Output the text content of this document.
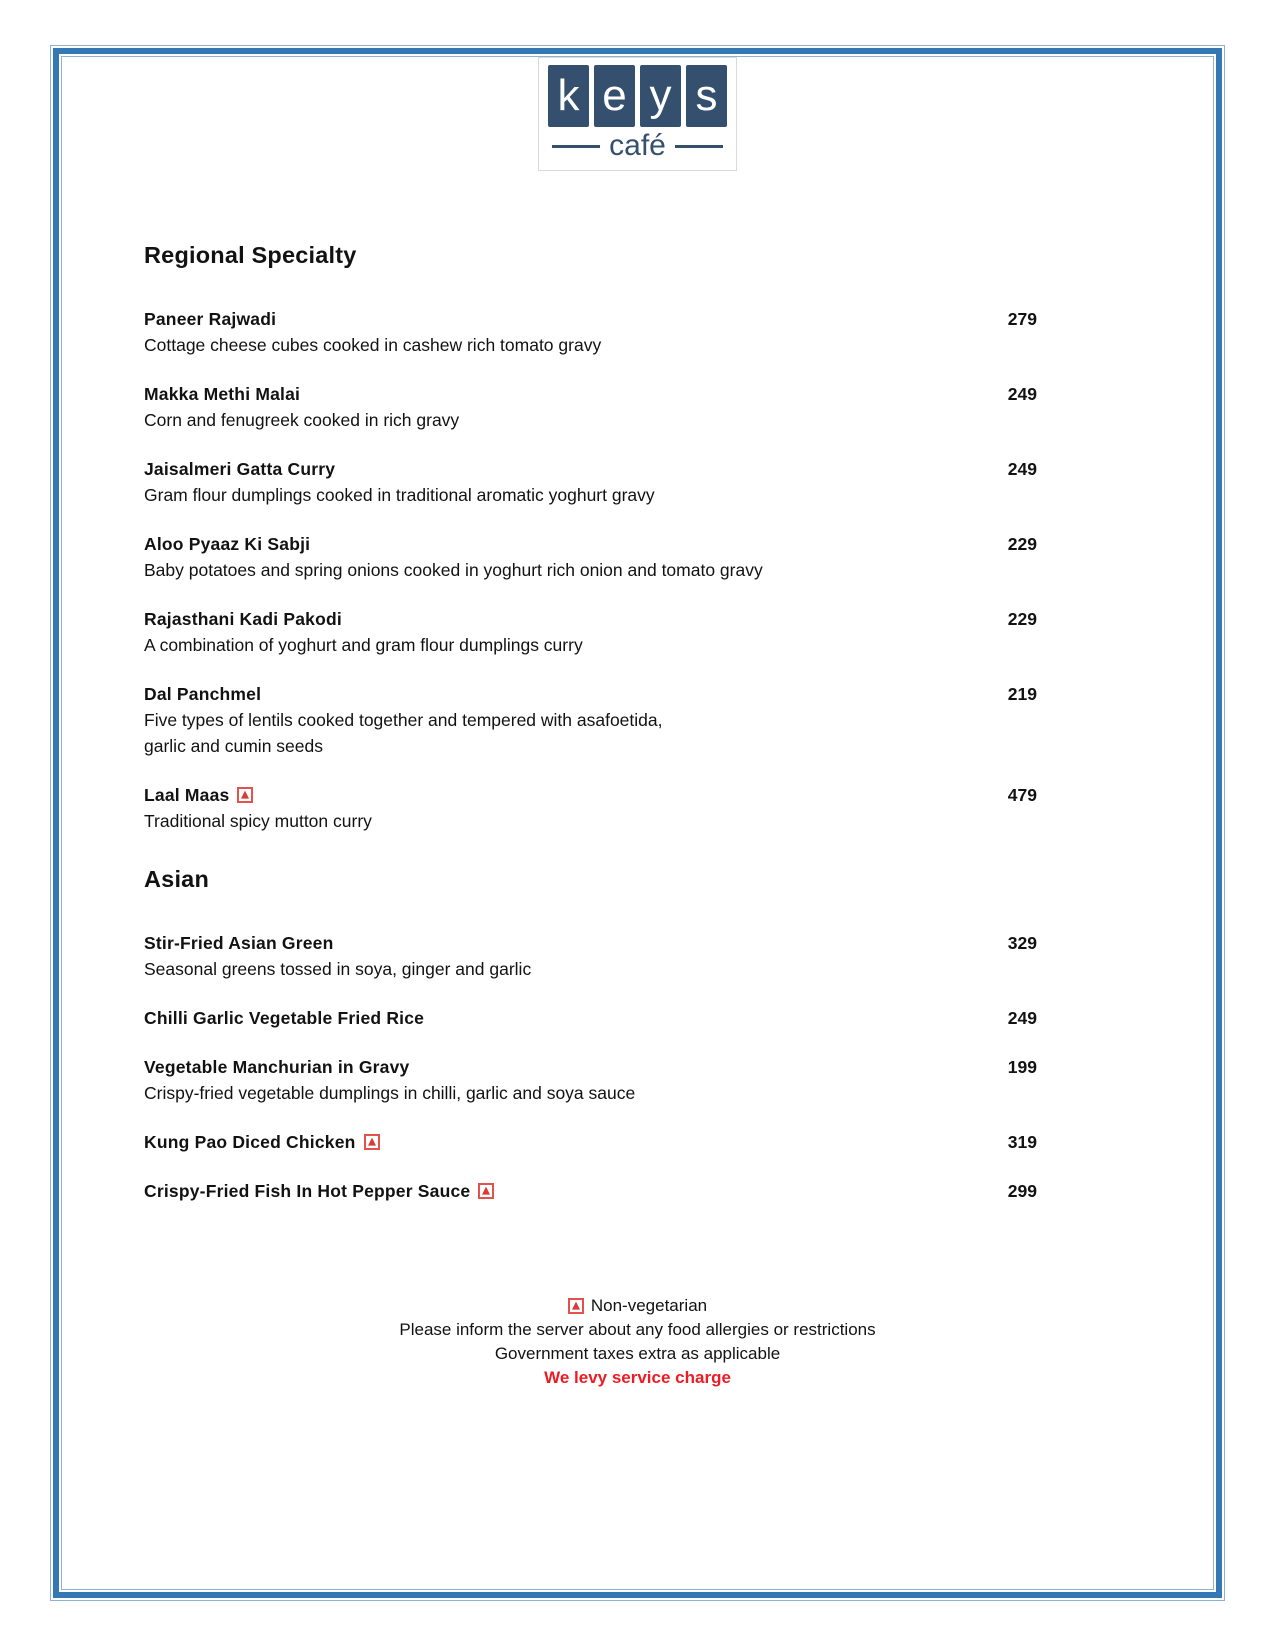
k e y s
café
Regional Specialty
Paneer Rajwadi	279
Cottage cheese cubes cooked in cashew rich tomato gravy
Makka Methi Malai	249
Corn and fenugreek cooked in rich gravy
Jaisalmeri Gatta Curry	249
Gram flour dumplings cooked in traditional aromatic yoghurt gravy
Aloo Pyaaz Ki Sabji	229
Baby potatoes and spring onions cooked in yoghurt rich onion and tomato gravy
Rajasthani Kadi Pakodi	229
A combination of yoghurt and gram flour dumplings curry
Dal Panchmel	219
Five types of lentils cooked together and tempered with asafoetida,
garlic and cumin seeds
Laal Maas	479
Traditional spicy mutton curry
Asian
Stir-Fried Asian Green	329
Seasonal greens tossed in soya, ginger and garlic
Chilli Garlic Vegetable Fried Rice	249
Vegetable Manchurian in Gravy	199
Crispy-fried vegetable dumplings in chilli, garlic and soya sauce
Kung Pao Diced Chicken	319
Crispy-Fried Fish In Hot Pepper Sauce	299
Non-vegetarian
Please inform the server about any food allergies or restrictions
Government taxes extra as applicable
We levy service charge
